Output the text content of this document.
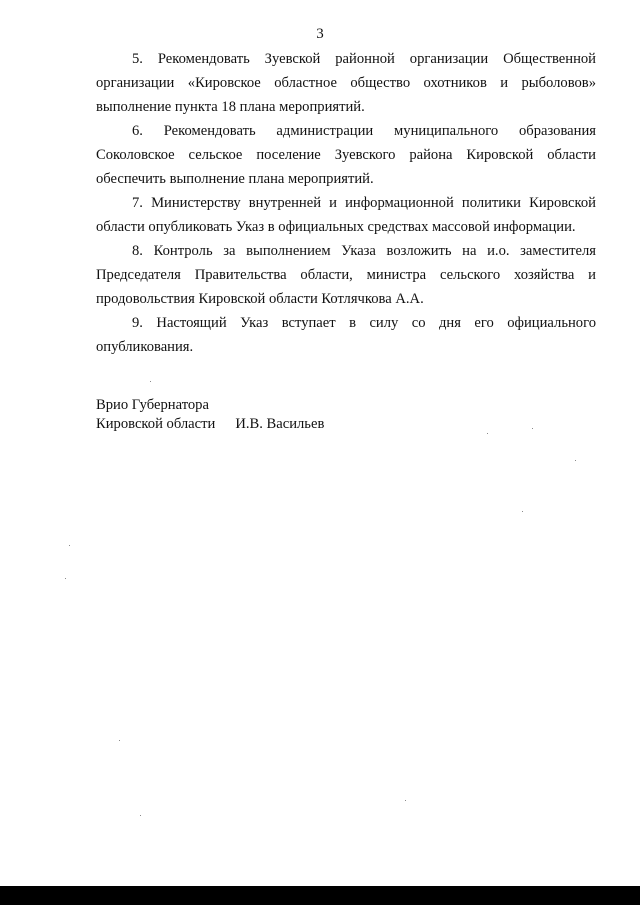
3

5. Рекомендовать Зуевской районной организации Общественной организации «Кировское областное общество охотников и рыболовов» выполнение пункта 18 плана мероприятий.

6. Рекомендовать администрации муниципального образования Соколовское сельское поселение Зуевского района Кировской области обеспечить выполнение плана мероприятий.

7. Министерству внутренней и информационной политики Кировской области опубликовать Указ в официальных средствах массовой информации.

8. Контроль за выполнением Указа возложить на и.о. заместителя Председателя Правительства области, министра сельского хозяйства и продовольствия Кировской области Котлячкова А.А.

9. Настоящий Указ вступает в силу со дня его официального опубликования.

Врио Губернатора
Кировской области И.В. Васильев
